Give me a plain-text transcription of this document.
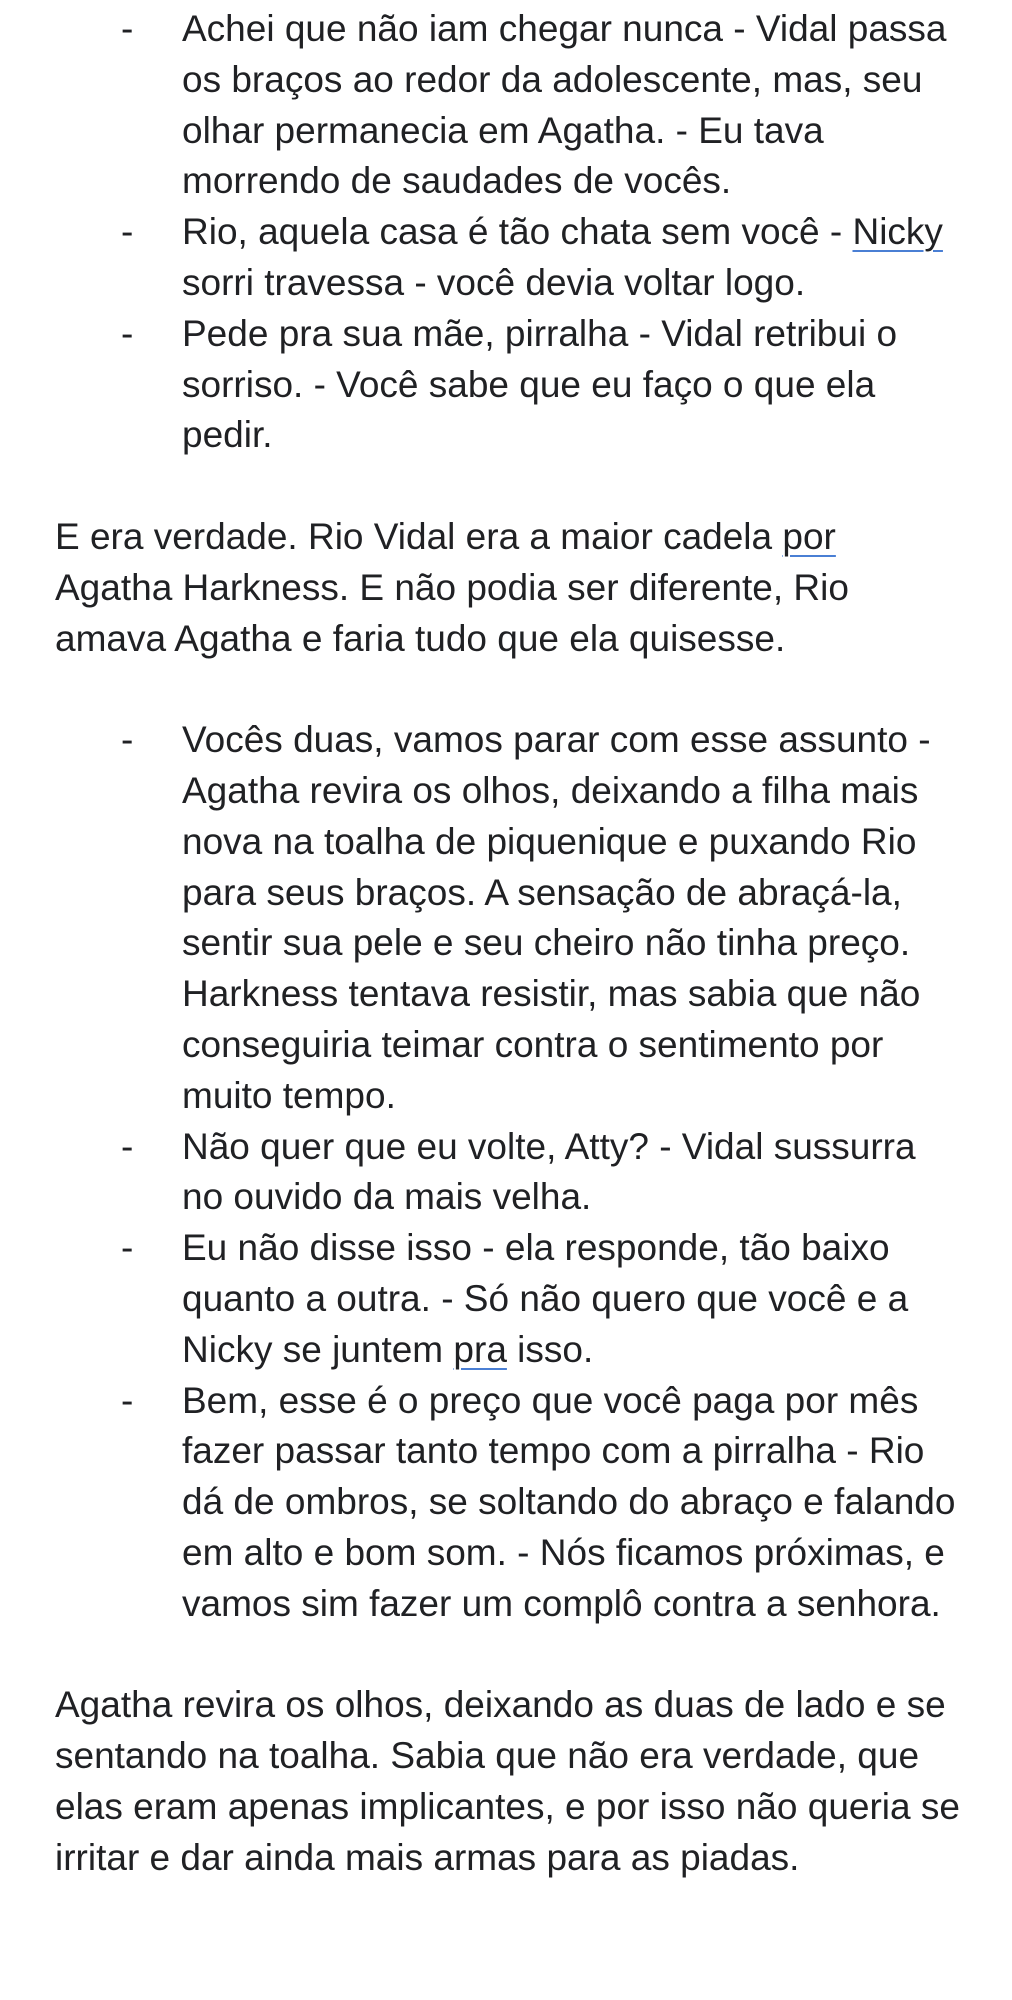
- Achei que não iam chegar nunca - Vidal passa os braços ao redor da adolescente, mas, seu olhar permanecia em Agatha. - Eu tava morrendo de saudades de vocês.
- Rio, aquela casa é tão chata sem você - Nicky sorri travessa - você devia voltar logo.
- Pede pra sua mãe, pirralha - Vidal retribui o sorriso. - Você sabe que eu faço o que ela pedir.

E era verdade. Rio Vidal era a maior cadela por Agatha Harkness. E não podia ser diferente, Rio amava Agatha e faria tudo que ela quisesse.

- Vocês duas, vamos parar com esse assunto - Agatha revira os olhos, deixando a filha mais nova na toalha de piquenique e puxando Rio para seus braços. A sensação de abraçá-la, sentir sua pele e seu cheiro não tinha preço. Harkness tentava resistir, mas sabia que não conseguiria teimar contra o sentimento por muito tempo.
- Não quer que eu volte, Atty? - Vidal sussurra no ouvido da mais velha.
- Eu não disse isso - ela responde, tão baixo quanto a outra. - Só não quero que você e a Nicky se juntem pra isso.
- Bem, esse é o preço que você paga por mês fazer passar tanto tempo com a pirralha - Rio dá de ombros, se soltando do abraço e falando em alto e bom som. - Nós ficamos próximas, e vamos sim fazer um complô contra a senhora.

Agatha revira os olhos, deixando as duas de lado e se sentando na toalha. Sabia que não era verdade, que elas eram apenas implicantes, e por isso não queria se irritar e dar ainda mais armas para as piadas.
